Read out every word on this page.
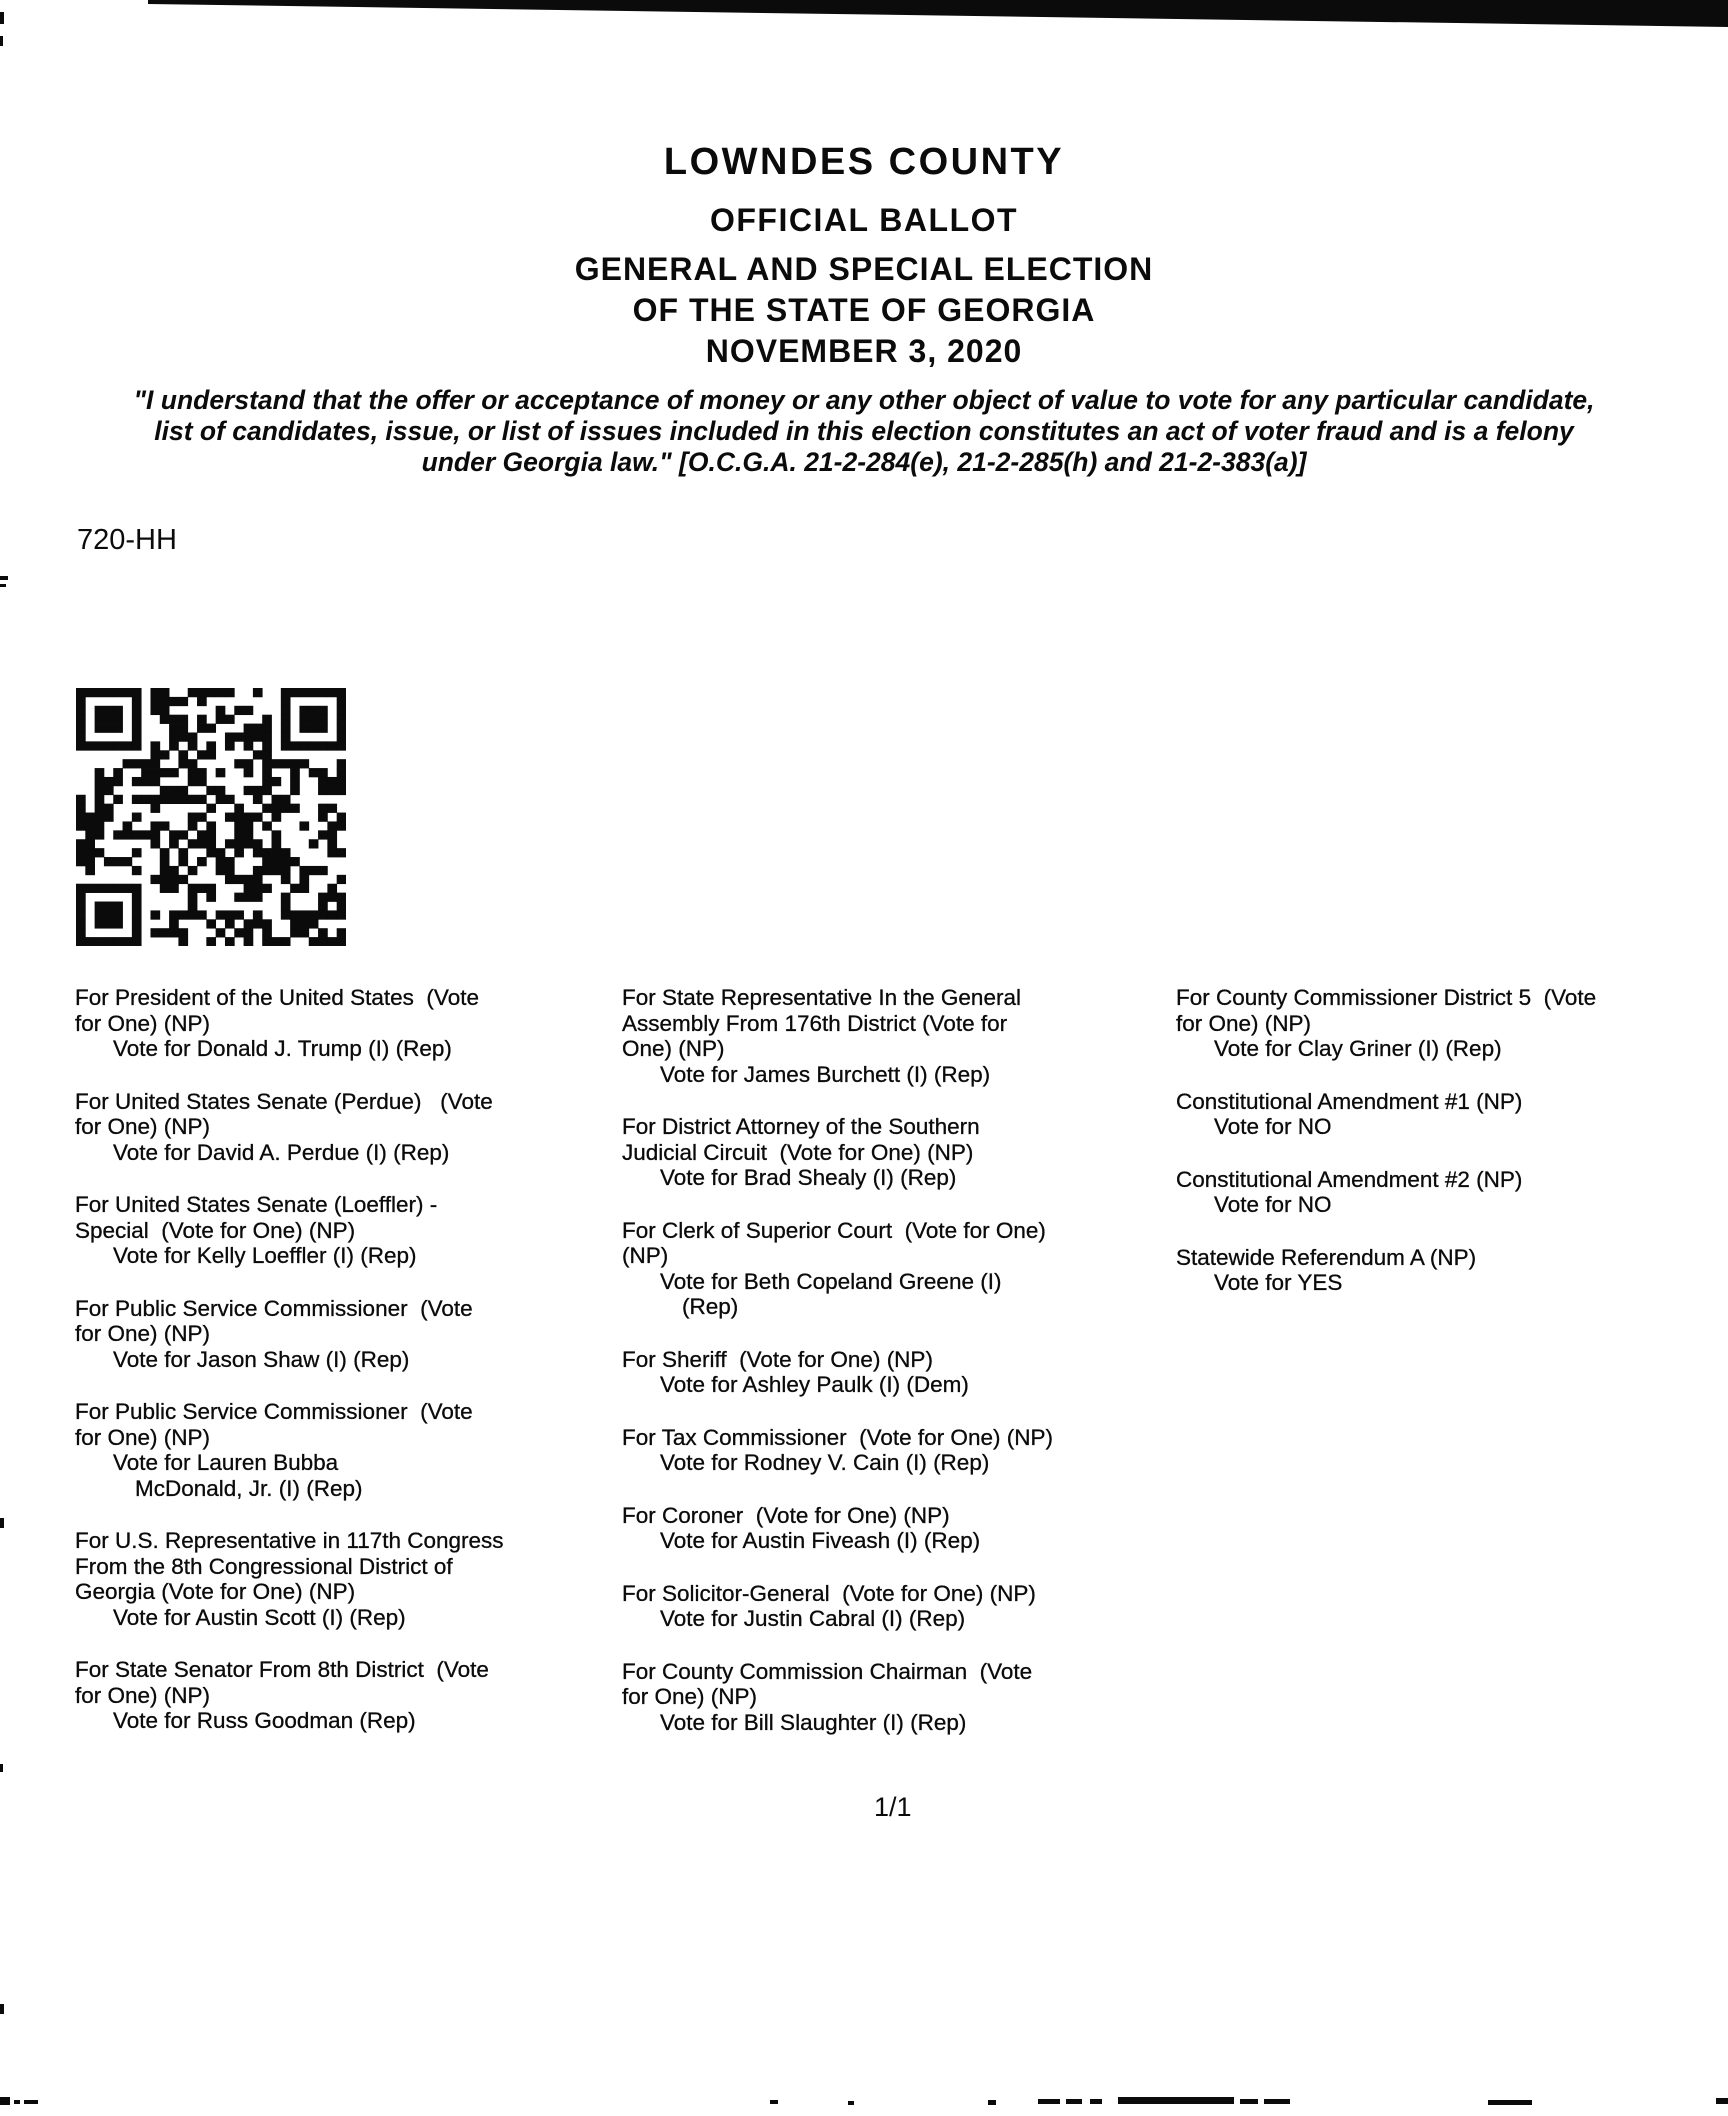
LOWNDES COUNTY
OFFICIAL BALLOT
GENERAL AND SPECIAL ELECTION
OF THE STATE OF GEORGIA
NOVEMBER 3, 2020
"I understand that the offer or acceptance of money or any other object of value to vote for any particular candidate,
list of candidates, issue, or list of issues included in this election constitutes an act of voter fraud and is a felony
under Georgia law." [O.C.G.A. 21-2-284(e), 21-2-285(h) and 21-2-383(a)]
720-HH
For President of the United States  (Vote
for One) (NP)
Vote for Donald J. Trump (I) (Rep)
For United States Senate (Perdue)   (Vote
for One) (NP)
Vote for David A. Perdue (I) (Rep)
For United States Senate (Loeffler) -
Special  (Vote for One) (NP)
Vote for Kelly Loeffler (I) (Rep)
For Public Service Commissioner  (Vote
for One) (NP)
Vote for Jason Shaw (I) (Rep)
For Public Service Commissioner  (Vote
for One) (NP)
Vote for Lauren Bubba
McDonald, Jr. (I) (Rep)
For U.S. Representative in 117th Congress
From the 8th Congressional District of
Georgia (Vote for One) (NP)
Vote for Austin Scott (I) (Rep)
For State Senator From 8th District  (Vote
for One) (NP)
Vote for Russ Goodman (Rep)
For State Representative In the General
Assembly From 176th District (Vote for
One) (NP)
Vote for James Burchett (I) (Rep)
For District Attorney of the Southern
Judicial Circuit  (Vote for One) (NP)
Vote for Brad Shealy (I) (Rep)
For Clerk of Superior Court  (Vote for One)
(NP)
Vote for Beth Copeland Greene (I)
(Rep)
For Sheriff  (Vote for One) (NP)
Vote for Ashley Paulk (I) (Dem)
For Tax Commissioner  (Vote for One) (NP)
Vote for Rodney V. Cain (I) (Rep)
For Coroner  (Vote for One) (NP)
Vote for Austin Fiveash (I) (Rep)
For Solicitor-General  (Vote for One) (NP)
Vote for Justin Cabral (I) (Rep)
For County Commission Chairman  (Vote
for One) (NP)
Vote for Bill Slaughter (I) (Rep)
For County Commissioner District 5  (Vote
for One) (NP)
Vote for Clay Griner (I) (Rep)
Constitutional Amendment #1 (NP)
Vote for NO
Constitutional Amendment #2 (NP)
Vote for NO
Statewide Referendum A (NP)
Vote for YES
1/1
